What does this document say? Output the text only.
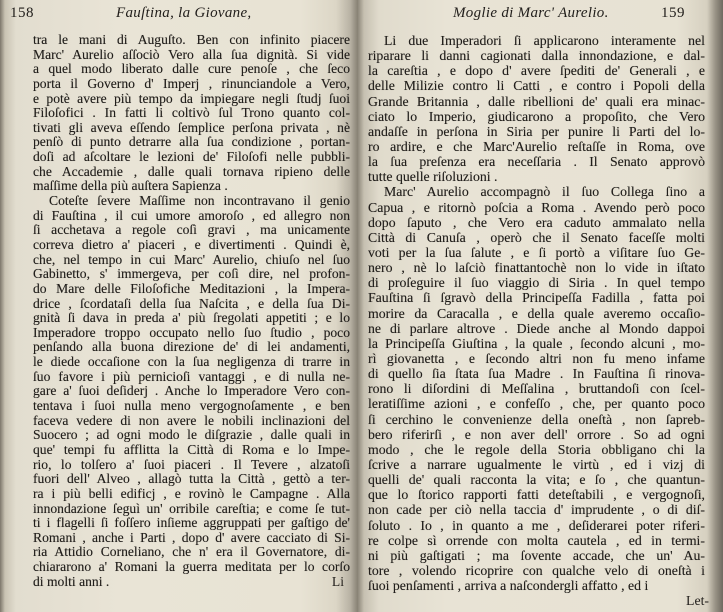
158	Fauſtina, la Giovane,
tra le mani di Auguſto. Ben con infinito piacere
Marc' Aurelio aſſociò Vero alla ſua dignità. Si vide
a quel modo liberato dalle cure penoſe , che ſeco
porta il Governo d' Imperj , rinunciandole a Vero,
e potè avere più tempo da impiegare negli ſtudj ſuoi
Filoſofici . In fatti li coltivò ſul Trono quanto col-
tivati gli aveva eſſendo ſemplice perſona privata , nè
penſò di punto detrarre alla ſua condizione , portan-
doſi ad aſcoltare le lezioni de' Filoſofi nelle pubbli-
che Accademie , dalle quali tornava ripieno delle
maſſime della più auſtera Sapienza .
Coteſte ſevere Maſſime non incontravano il genio
di Fauſtina , il cui umore amoroſo , ed allegro non
ſi acchetava a regole coſì gravi , ma unicamente
correva dietro a' piaceri , e divertimenti . Quindi è,
che, nel tempo in cui Marc' Aurelio, chiuſo nel ſuo
Gabinetto, s' immergeva, per coſì dire, nel profon-
do Mare delle Filoſofiche Meditazioni , la Impera-
drice , ſcordataſi della ſua Naſcita , e della ſua Di-
gnità ſi dava in preda a' più ſregolati appetiti ; e lo
Imperadore troppo occupato nello ſuo ſtudio , poco
penſando alla buona direzione de' di lei andamenti,
le diede occaſione con la ſua negligenza di trarre in
ſuo favore i più pernicioſi vantaggi , e di nulla ne-
gare a' ſuoi deſiderj . Anche lo Imperadore Vero con-
tentava i ſuoi nulla meno vergognoſamente , e ben
faceva vedere di non avere le nobili inclinazioni del
Suocero ; ad ogni modo le diſgrazie , dalle quali in
que' tempi fu afflitta la Città di Roma e lo Impe-
rio, lo tolſero a' ſuoi piaceri . Il Tevere , alzatoſi
fuori dell' Alveo , allagò tutta la Città , gettò a ter-
ra i più belli edificj , e rovinò le Campagne . Alla
innondazione ſeguì un' orribile careſtia; e come ſe tut-
ti i flagelli ſi foſſero inſieme aggruppati per gaſtigo de'
Romani , anche i Parti , dopo d' avere cacciato di Si-
ria Attidio Corneliano, che n' era il Governatore, di-
chiararono a' Romani la guerra meditata per lo corſo
di molti anni .	Li
Moglie di Marc' Aurelio.	159
Li due Imperadori ſi applicarono interamente nel
riparare li danni cagionati dalla innondazione, e dal-
la careſtia , e dopo d' avere ſpediti de' Generali , e
delle Milizie contro li Catti , e contro i Popoli della
Grande Britannia , dalle ribellioni de' quali era minac-
ciato lo Imperio, giudicarono a propoſito, che Vero
andaſſe in perſona in Siria per punire li Parti del lo-
ro ardire, e che Marc'Aurelio reſtaſſe in Roma, ove
la ſua preſenza era neceſſaria . Il Senato approvò
tutte quelle riſoluzioni .
Marc' Aurelio accompagnò il ſuo Collega ſino a
Capua , e ritornò poſcia a Roma . Avendo però poco
dopo ſaputo , che Vero era caduto ammalato nella
Città di Canuſa , operò che il Senato faceſſe molti
voti per la ſua ſalute , e ſi portò a viſitare ſuo Ge-
nero , nè lo laſciò finattantochè non lo vide in iſtato
di proſeguire il ſuo viaggio di Siria . In quel tempo
Fauſtina ſi ſgravò della Principeſſa Fadilla , fatta poi
morire da Caracalla , e della quale averemo occaſio-
ne di parlare altrove . Diede anche al Mondo dappoi
la Principeſſa Giuſtina , la quale , ſecondo alcuni , mo-
rì giovanetta , e ſecondo altri non fu meno infame
di quello ſia ſtata ſua Madre . In Fauſtina ſi rinova-
rono li diſordini di Meſſalina , bruttandoſi con ſcel-
leratiſſime azioni , e confeſſo , che, per quanto poco
ſi cerchino le convenienze della oneſtà , non ſapreb-
bero riferirſi , e non aver dell' orrore . So ad ogni
modo , che le regole della Storia obbligano chi la
ſcrive a narrare ugualmente le virtù , ed i vizj di
quelli de' quali racconta la vita; e ſo , che quantun-
que lo ſtorico rapporti fatti deteſtabili , e vergognoſi,
non cade per ciò nella taccia d' imprudente , o di diſ-
ſoluto . Io , in quanto a me , deſiderarei poter riferi-
re colpe sì orrende con molta cautela , ed in termi-
ni più gaſtigati ; ma ſovente accade, che un' Au-
tore , volendo ricoprire con qualche velo di oneſtà i
ſuoi penſamenti , arriva a naſcondergli affatto , ed i
Let-
